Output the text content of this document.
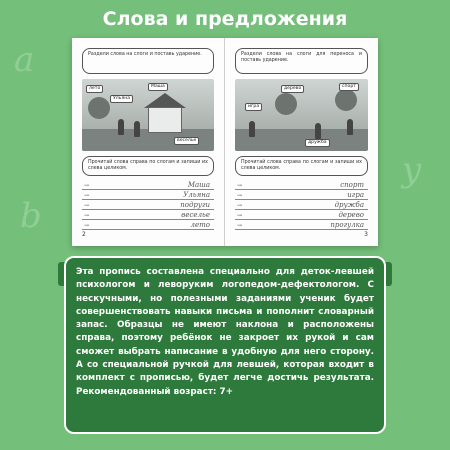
a
y
b
Слова и предложения
Раздели слова на слоги и поставь ударение.
лето
Ульяна
Маша
веселье
Прочитай слова справа по слогам и запиши их слева целиком.
→	Маша
→	Ульяна
→	подруги
→	веселье
→	лето
2
Раздели слова на слоги для переноса и поставь ударение.
дерево	спорт
игра
дружба
Прочитай слова справа по слогам и запиши их слева целиком.
→	спорт
→	игра
→	дружба
→	дерево
→	прогулка
3
Эта пропись составлена специально для деток-левшей психологом и леворуким логопедом-дефектологом. С нескучными, но полезными заданиями ученик будет совершенствовать навыки письма и пополнит словарный запас. Образцы не имеют наклона и расположены справа, поэтому ребёнок не закроет их рукой и сам сможет выбрать написание в удобную для него сторону. А со специальной ручкой для левшей, которая входит в комплект с прописью, будет легче достичь результата. Рекомендованный возраст: 7+
